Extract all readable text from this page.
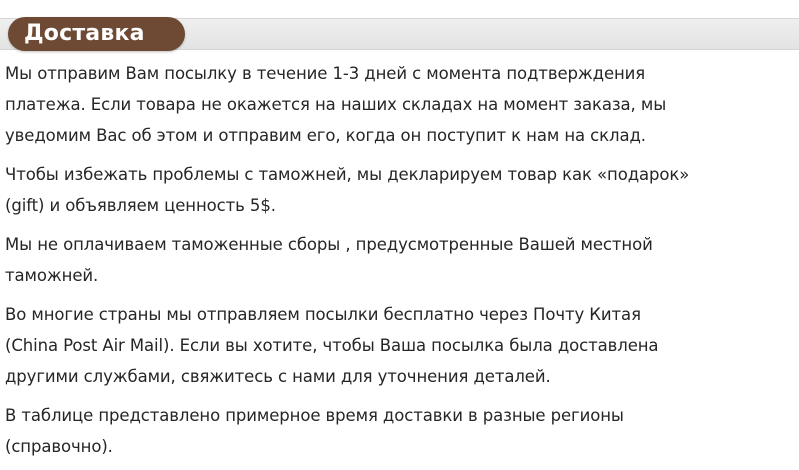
Доставка

Мы отправим Вам посылку в течение 1-3 дней с момента подтверждения
платежа. Если товара не окажется на наших складах на момент заказа, мы
уведомим Вас об этом и отправим его, когда он поступит к нам на склад.

Чтобы избежать проблемы с таможней, мы декларируем товар как «подарок»
(gift) и объявляем ценность 5$.

Мы не оплачиваем таможенные сборы , предусмотренные Вашей местной
таможней.

Во многие страны мы отправляем посылки бесплатно через Почту Китая
(China Post Air Mail). Если вы хотите, чтобы Ваша посылка была доставлена
другими службами, свяжитесь с нами для уточнения деталей.

В таблице представлено примерное время доставки в разные регионы
(справочно).
